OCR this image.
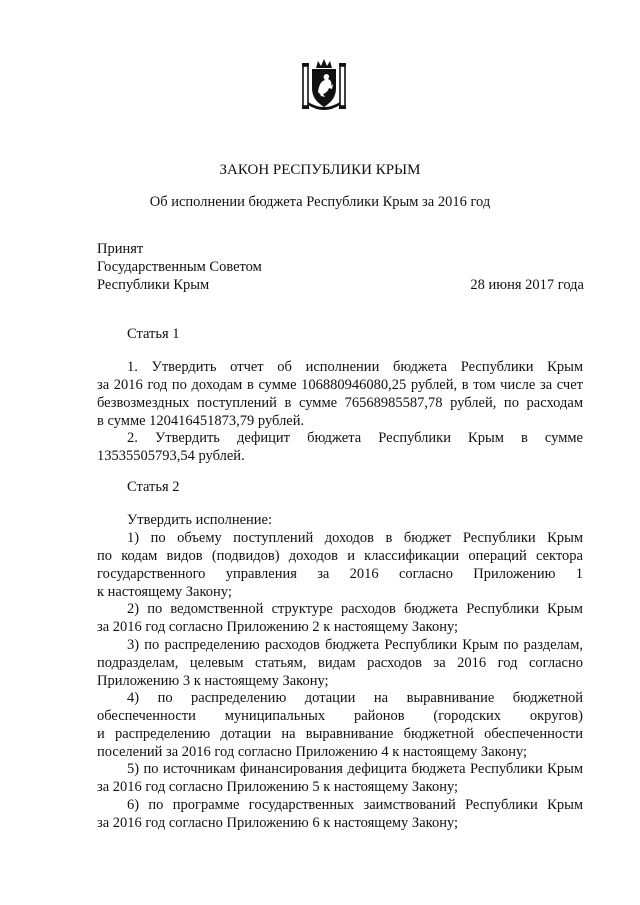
ЗАКОН РЕСПУБЛИКИ КРЫМ
Об исполнении бюджета Республики Крым за 2016 год
Принят
Государственным Советом
Республики Крым	28 июня 2017 года
Статья 1
1. Утвердить отчет об исполнении бюджета Республики Крым
за 2016 год по доходам в сумме 106880946080,25 рублей, в том числе за счет
безвозмездных поступлений в сумме 76568985587,78 рублей, по расходам
в сумме 120416451873,79 рублей.
2. Утвердить дефицит бюджета Республики Крым в сумме
13535505793,54 рублей.
Статья 2
Утвердить исполнение:
1) по объему поступлений доходов в бюджет Республики Крым
по кодам видов (подвидов) доходов и классификации операций сектора
государственного управления за 2016 согласно Приложению 1
к настоящему Закону;
2) по ведомственной структуре расходов бюджета Республики Крым
за 2016 год согласно Приложению 2 к настоящему Закону;
3) по распределению расходов бюджета Республики Крым по разделам,
подразделам, целевым статьям, видам расходов за 2016 год согласно
Приложению 3 к настоящему Закону;
4) по распределению дотации на выравнивание бюджетной
обеспеченности муниципальных районов (городских округов)
и распределению дотации на выравнивание бюджетной обеспеченности
поселений за 2016 год согласно Приложению 4 к настоящему Закону;
5) по источникам финансирования дефицита бюджета Республики Крым
за 2016 год согласно Приложению 5 к настоящему Закону;
6) по программе государственных заимствований Республики Крым
за 2016 год согласно Приложению 6 к настоящему Закону;
